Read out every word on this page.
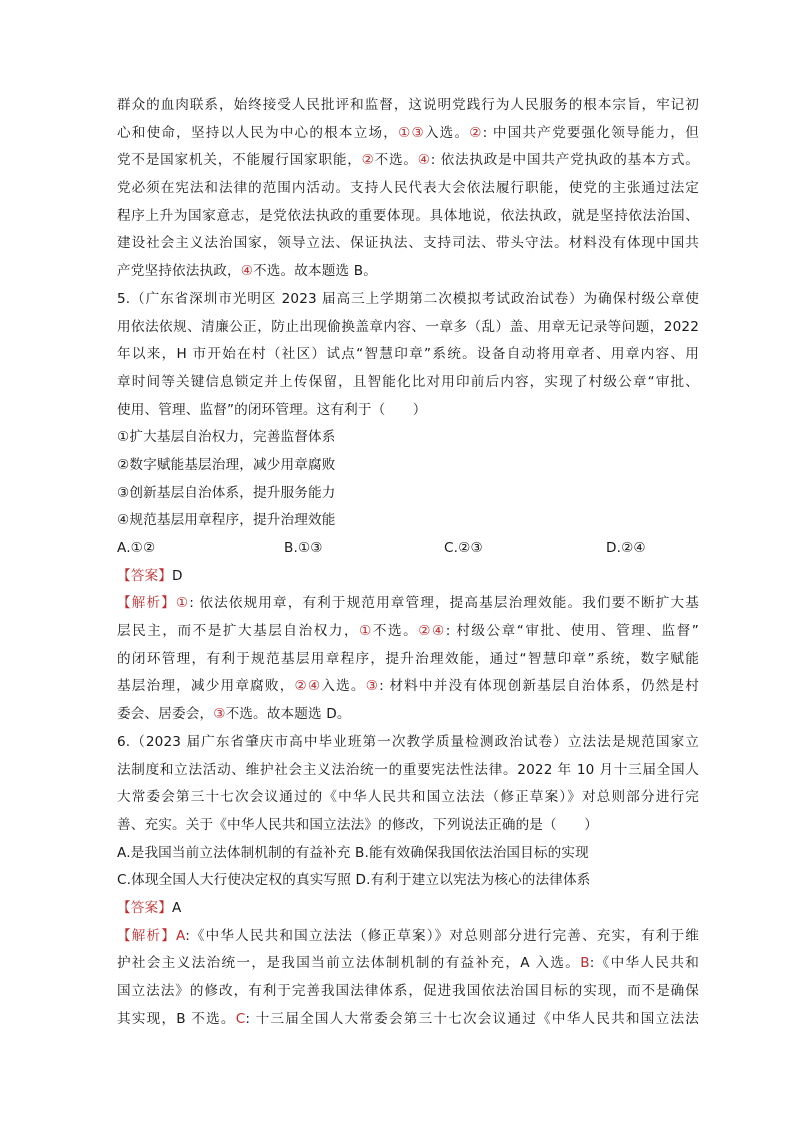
群众的血肉联系，始终接受人民批评和监督，这说明党践行为人民服务的根本宗旨，牢记初
心和使命，坚持以人民为中心的根本立场，①③入选。②: 中国共产党要强化领导能力，但
党不是国家机关，不能履行国家职能，②不选。④: 依法执政是中国共产党执政的基本方式。
党必须在宪法和法律的范围内活动。支持人民代表大会依法履行职能，使党的主张通过法定
程序上升为国家意志，是党依法执政的重要体现。具体地说，依法执政，就是坚持依法治国、
建设社会主义法治国家，领导立法、保证执法、支持司法、带头守法。材料没有体现中国共
产党坚持依法执政，④不选。故本题选 B。
5.（广东省深圳市光明区 2023 届高三上学期第二次模拟考试政治试卷）为确保村级公章使
用依法依规、清廉公正，防止出现偷换盖章内容、一章多（乱）盖、用章无记录等问题，2022
年以来，H 市开始在村（社区）试点“智慧印章”系统。设备自动将用章者、用章内容、用
章时间等关键信息锁定并上传保留，且智能化比对用印前后内容，实现了村级公章“审批、
使用、管理、监督”的闭环管理。这有利于（　　）
①扩大基层自治权力，完善监督体系
②数字赋能基层治理，减少用章腐败
③创新基层自治体系，提升服务能力
④规范基层用章程序，提升治理效能
A.①②	B.①③	C.②③	D.②④
【答案】D
【解析】①: 依法依规用章，有利于规范用章管理，提高基层治理效能。我们要不断扩大基
层民主，而不是扩大基层自治权力，①不选。②④: 村级公章“审批、使用、管理、监督”
的闭环管理，有利于规范基层用章程序，提升治理效能，通过“智慧印章”系统，数字赋能
基层治理，减少用章腐败，②④入选。③: 材料中并没有体现创新基层自治体系，仍然是村
委会、居委会，③不选。故本题选 D。
6.（2023 届广东省肇庆市高中毕业班第一次教学质量检测政治试卷）立法法是规范国家立
法制度和立法活动、维护社会主义法治统一的重要宪法性法律。2022 年 10 月十三届全国人
大常委会第三十七次会议通过的《中华人民共和国立法法（修正草案）》对总则部分进行完
善、充实。关于《中华人民共和国立法法》的修改，下列说法正确的是（　　）
A.是我国当前立法体制机制的有益补充 B.能有效确保我国依法治国目标的实现
C.体现全国人大行使决定权的真实写照 D.有利于建立以宪法为核心的法律体系
【答案】A
【解析】A:《中华人民共和国立法法（修正草案）》对总则部分进行完善、充实，有利于维
护社会主义法治统一，是我国当前立法体制机制的有益补充，A 入选。B:《中华人民共和
国立法法》的修改，有利于完善我国法律体系，促进我国依法治国目标的实现，而不是确保
其实现，B 不选。C: 十三届全国人大常委会第三十七次会议通过《中华人民共和国立法法
